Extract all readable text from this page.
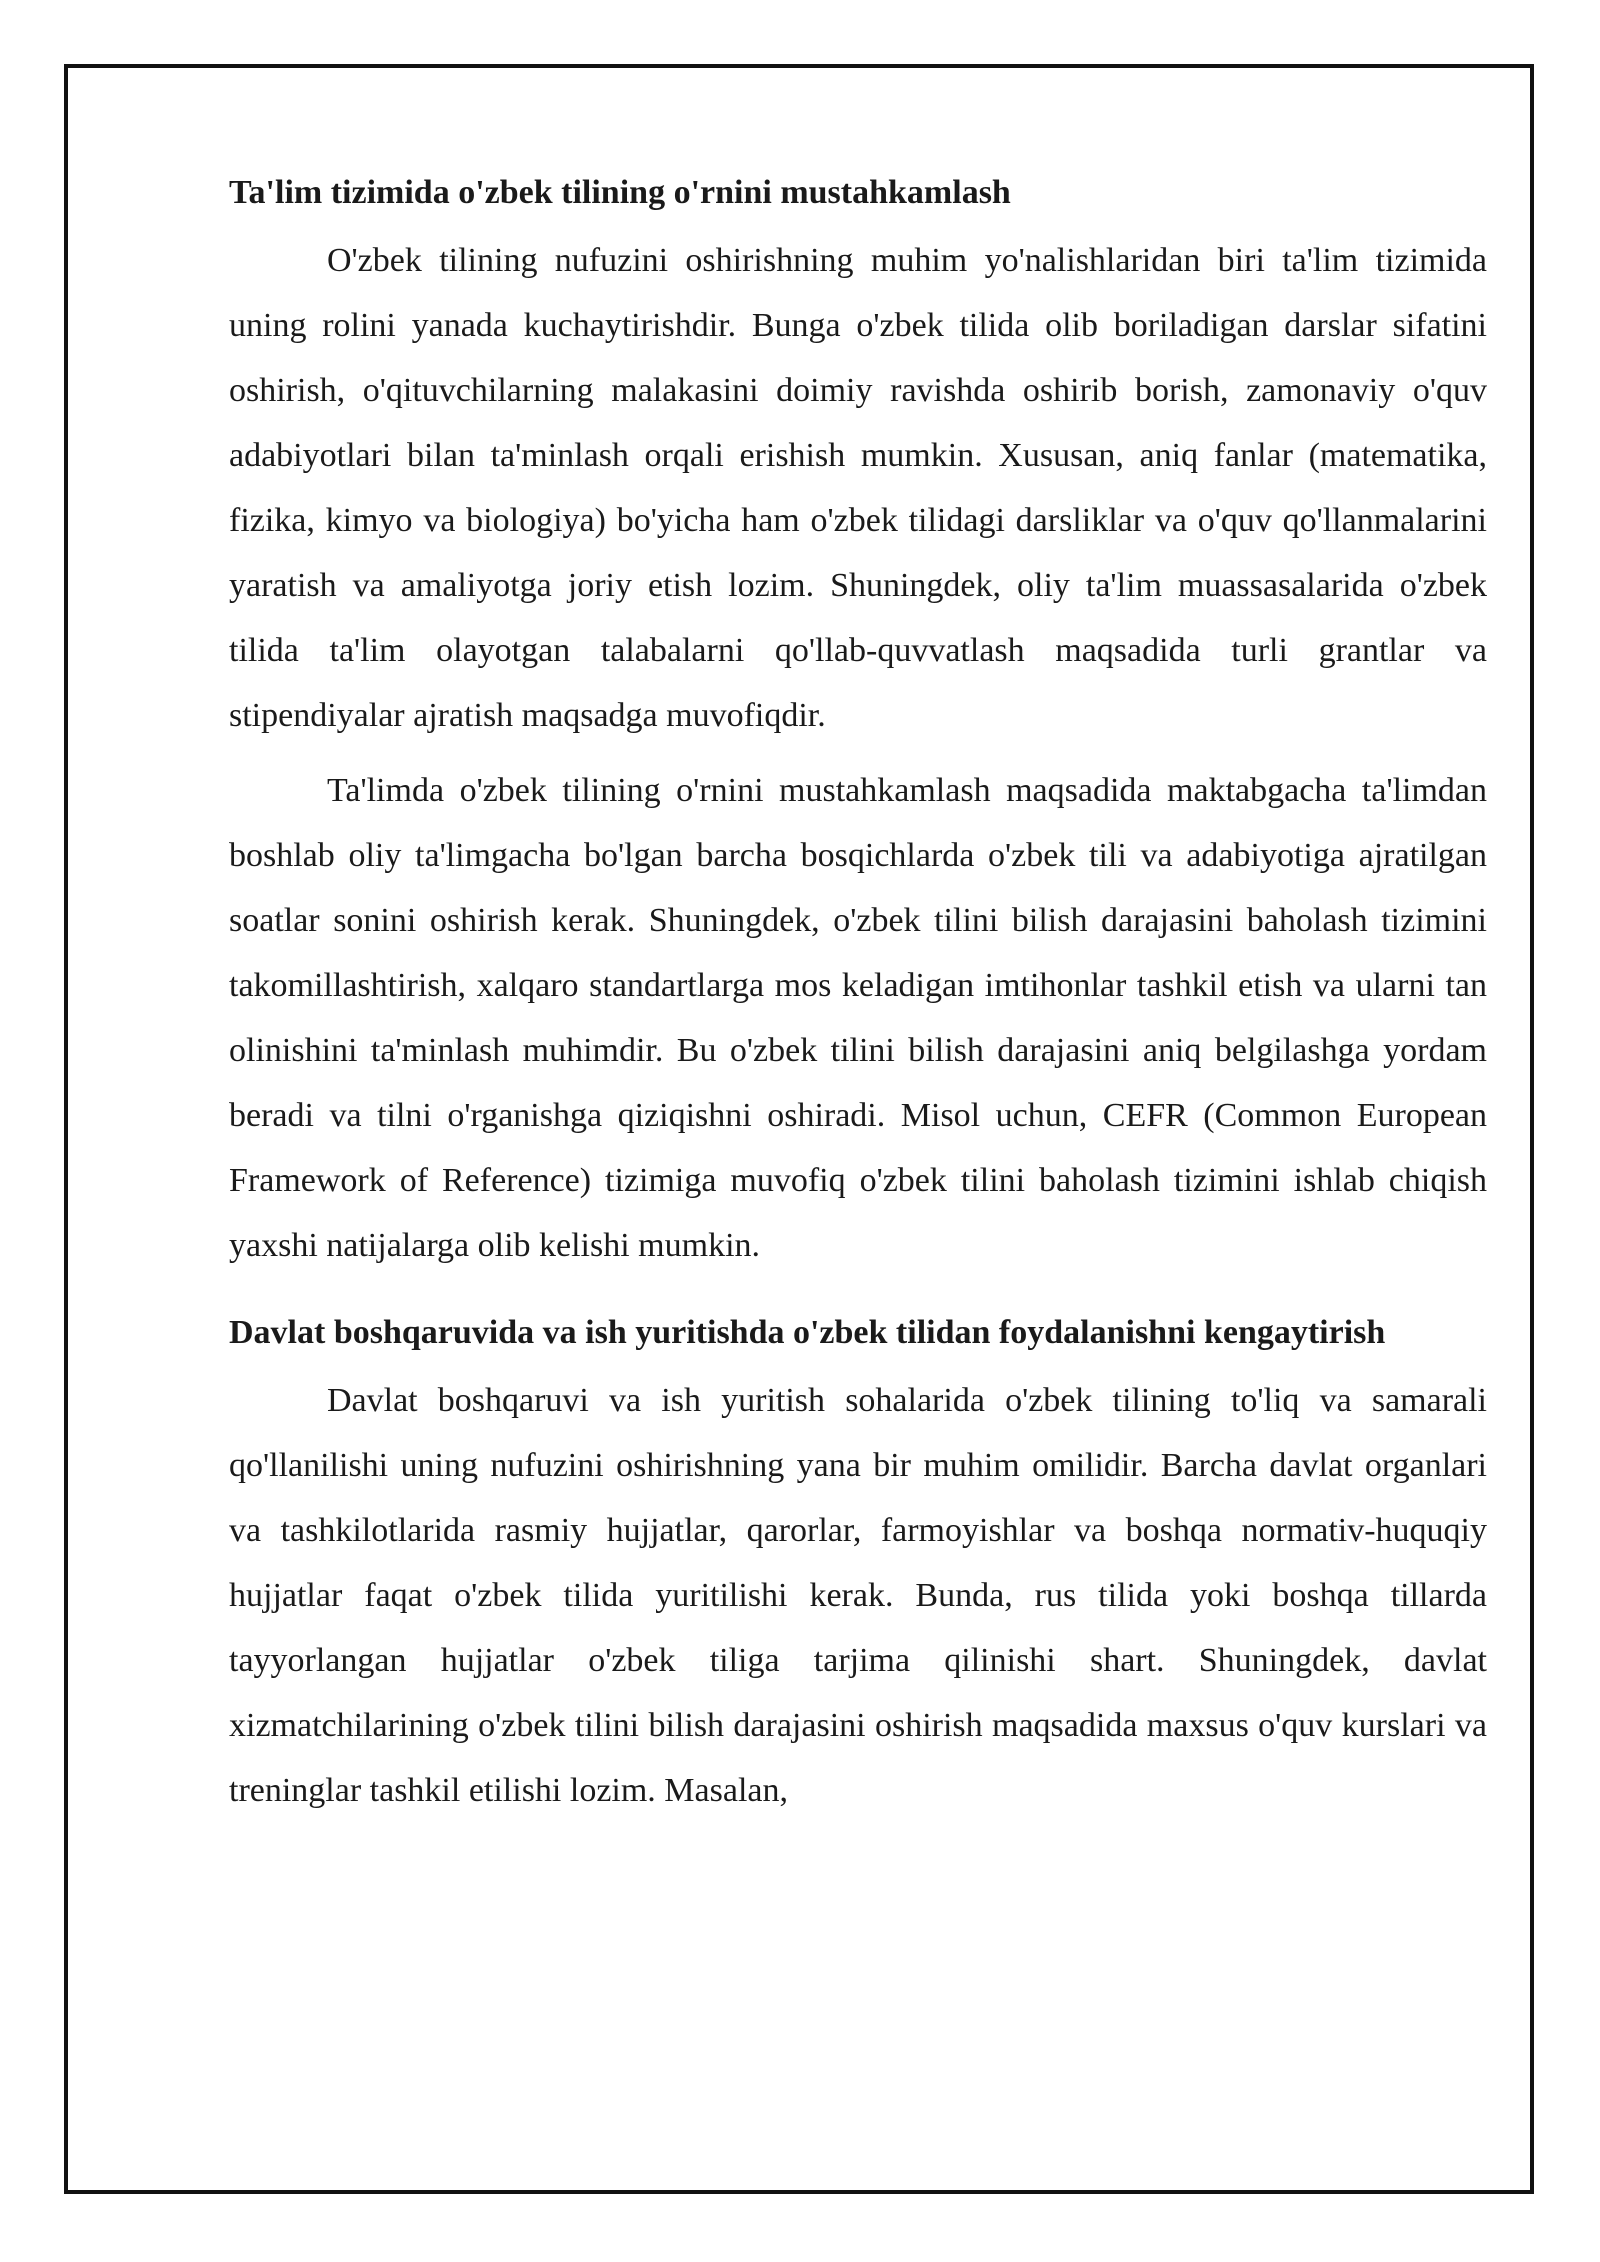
Ta'lim tizimida o'zbek tilining o'rnini mustahkamlash

O'zbek tilining nufuzini oshirishning muhim yo'nalishlaridan biri ta'lim tizimida uning rolini yanada kuchaytirishdir. Bunga o'zbek tilida olib boriladigan darslar sifatini oshirish, o'qituvchilarning malakasini doimiy ravishda oshirib borish, zamonaviy o'quv adabiyotlari bilan ta'minlash orqali erishish mumkin. Xususan, aniq fanlar (matematika, fizika, kimyo va biologiya) bo'yicha ham o'zbek tilidagi darsliklar va o'quv qo'llanmalarini yaratish va amaliyotga joriy etish lozim. Shuningdek, oliy ta'lim muassasalarida o'zbek tilida ta'lim olayotgan talabalarni qo'llab-quvvatlash maqsadida turli grantlar va stipendiyalar ajratish maqsadga muvofiqdir.

Ta'limda o'zbek tilining o'rnini mustahkamlash maqsadida maktabgacha ta'limdan boshlab oliy ta'limgacha bo'lgan barcha bosqichlarda o'zbek tili va adabiyotiga ajratilgan soatlar sonini oshirish kerak. Shuningdek, o'zbek tilini bilish darajasini baholash tizimini takomillashtirish, xalqaro standartlarga mos keladigan imtihonlar tashkil etish va ularni tan olinishini ta'minlash muhimdir. Bu o'zbek tilini bilish darajasini aniq belgilashga yordam beradi va tilni o'rganishga qiziqishni oshiradi. Misol uchun, CEFR (Common European Framework of Reference) tizimiga muvofiq o'zbek tilini baholash tizimini ishlab chiqish yaxshi natijalarga olib kelishi mumkin.

Davlat boshqaruvida va ish yuritishda o'zbek tilidan foydalanishni kengaytirish

Davlat boshqaruvi va ish yuritish sohalarida o'zbek tilining to'liq va samarali qo'llanilishi uning nufuzini oshirishning yana bir muhim omilidir. Barcha davlat organlari va tashkilotlarida rasmiy hujjatlar, qarorlar, farmoyishlar va boshqa normativ-huquqiy hujjatlar faqat o'zbek tilida yuritilishi kerak. Bunda, rus tilida yoki boshqa tillarda tayyorlangan hujjatlar o'zbek tiliga tarjima qilinishi shart. Shuningdek, davlat xizmatchilarining o'zbek tilini bilish darajasini oshirish maqsadida maxsus o'quv kurslari va treninglar tashkil etilishi lozim. Masalan,
